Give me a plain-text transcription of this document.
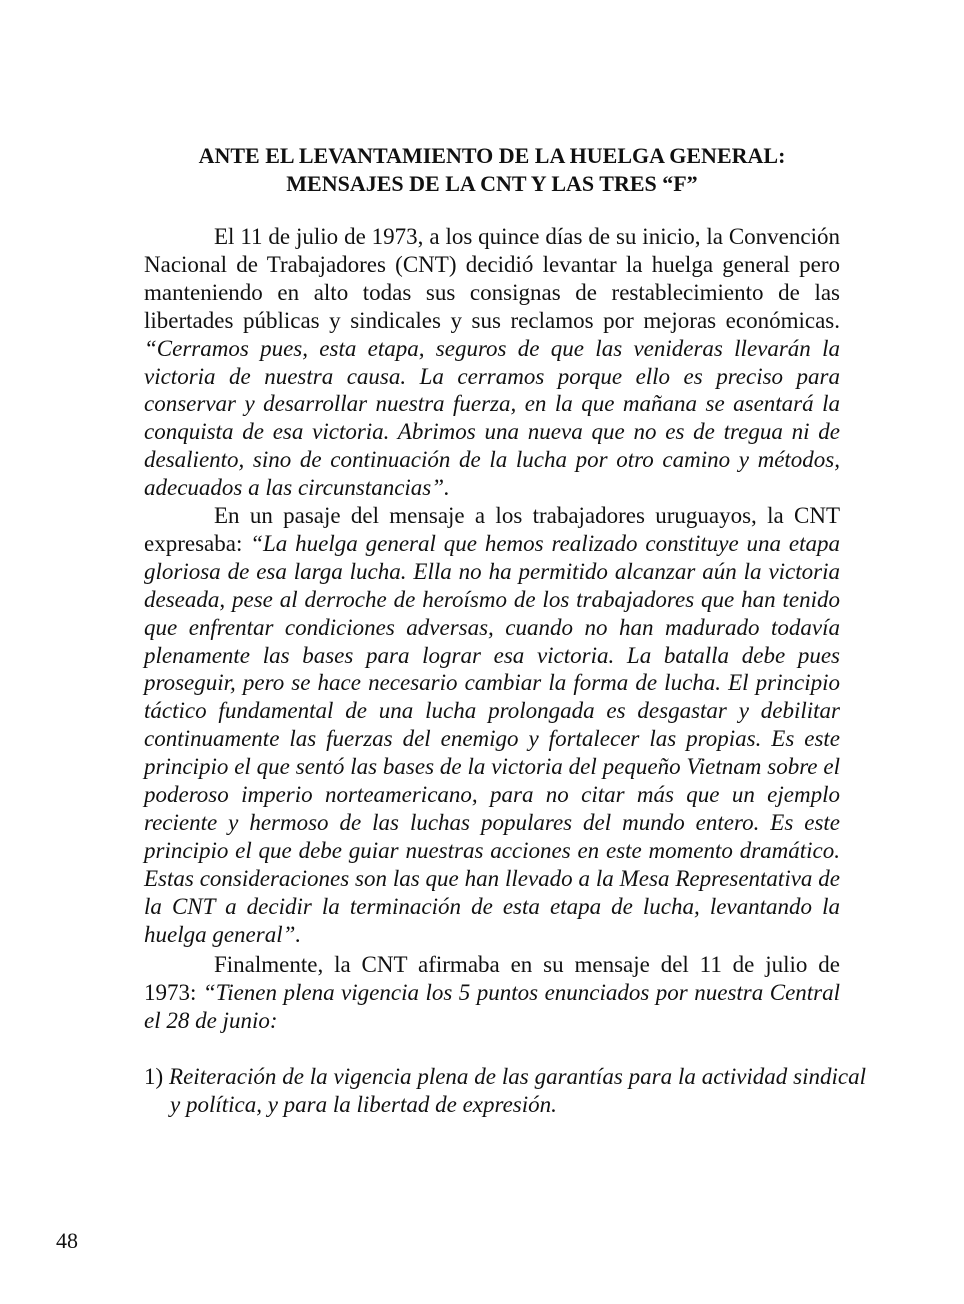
ANTE EL LEVANTAMIENTO DE LA HUELGA GENERAL:
MENSAJES DE LA CNT Y LAS TRES “F”

El 11 de julio de 1973, a los quince días de su inicio, la Convención Nacional de Trabajadores (CNT) decidió levantar la huelga general pero manteniendo en alto todas sus consignas de restablecimiento de las libertades públicas y sindicales y sus reclamos por mejoras económicas. “Cerramos pues, esta etapa, seguros de que las venideras llevarán la victoria de nuestra causa. La cerramos porque ello es preciso para conservar y desarrollar nuestra fuerza, en la que mañana se asentará la conquista de esa victoria. Abrimos una nueva que no es de tregua ni de desaliento, sino de continuación de la lucha por otro camino y métodos, adecuados a las circunstancias”.

En un pasaje del mensaje a los trabajadores uruguayos, la CNT expresaba: “La huelga general que hemos realizado constituye una etapa gloriosa de esa larga lucha. Ella no ha permitido alcanzar aún la victoria deseada, pese al derroche de heroísmo de los trabajadores que han tenido que enfrentar condiciones adversas, cuando no han madurado todavía plenamente las bases para lograr esa victoria. La batalla debe pues proseguir, pero se hace necesario cambiar la forma de lucha. El principio táctico fundamental de una lucha prolongada es desgastar y debilitar continuamente las fuerzas del enemigo y fortalecer las propias. Es este principio el que sentó las bases de la victoria del pequeño Vietnam sobre el poderoso imperio norteamericano, para no citar más que un ejemplo reciente y hermoso de las luchas populares del mundo entero. Es este principio el que debe guiar nuestras acciones en este momento dramático. Estas consideraciones son las que han llevado a la Mesa Representativa de la CNT a decidir la terminación de esta etapa de lucha, levantando la huelga general”.

Finalmente, la CNT afirmaba en su mensaje del 11 de julio de 1973: “Tienen plena vigencia los 5 puntos enunciados por nuestra Central el 28 de junio:

1) Reiteración de la vigencia plena de las garantías para la actividad sindical y política, y para la libertad de expresión.

48
